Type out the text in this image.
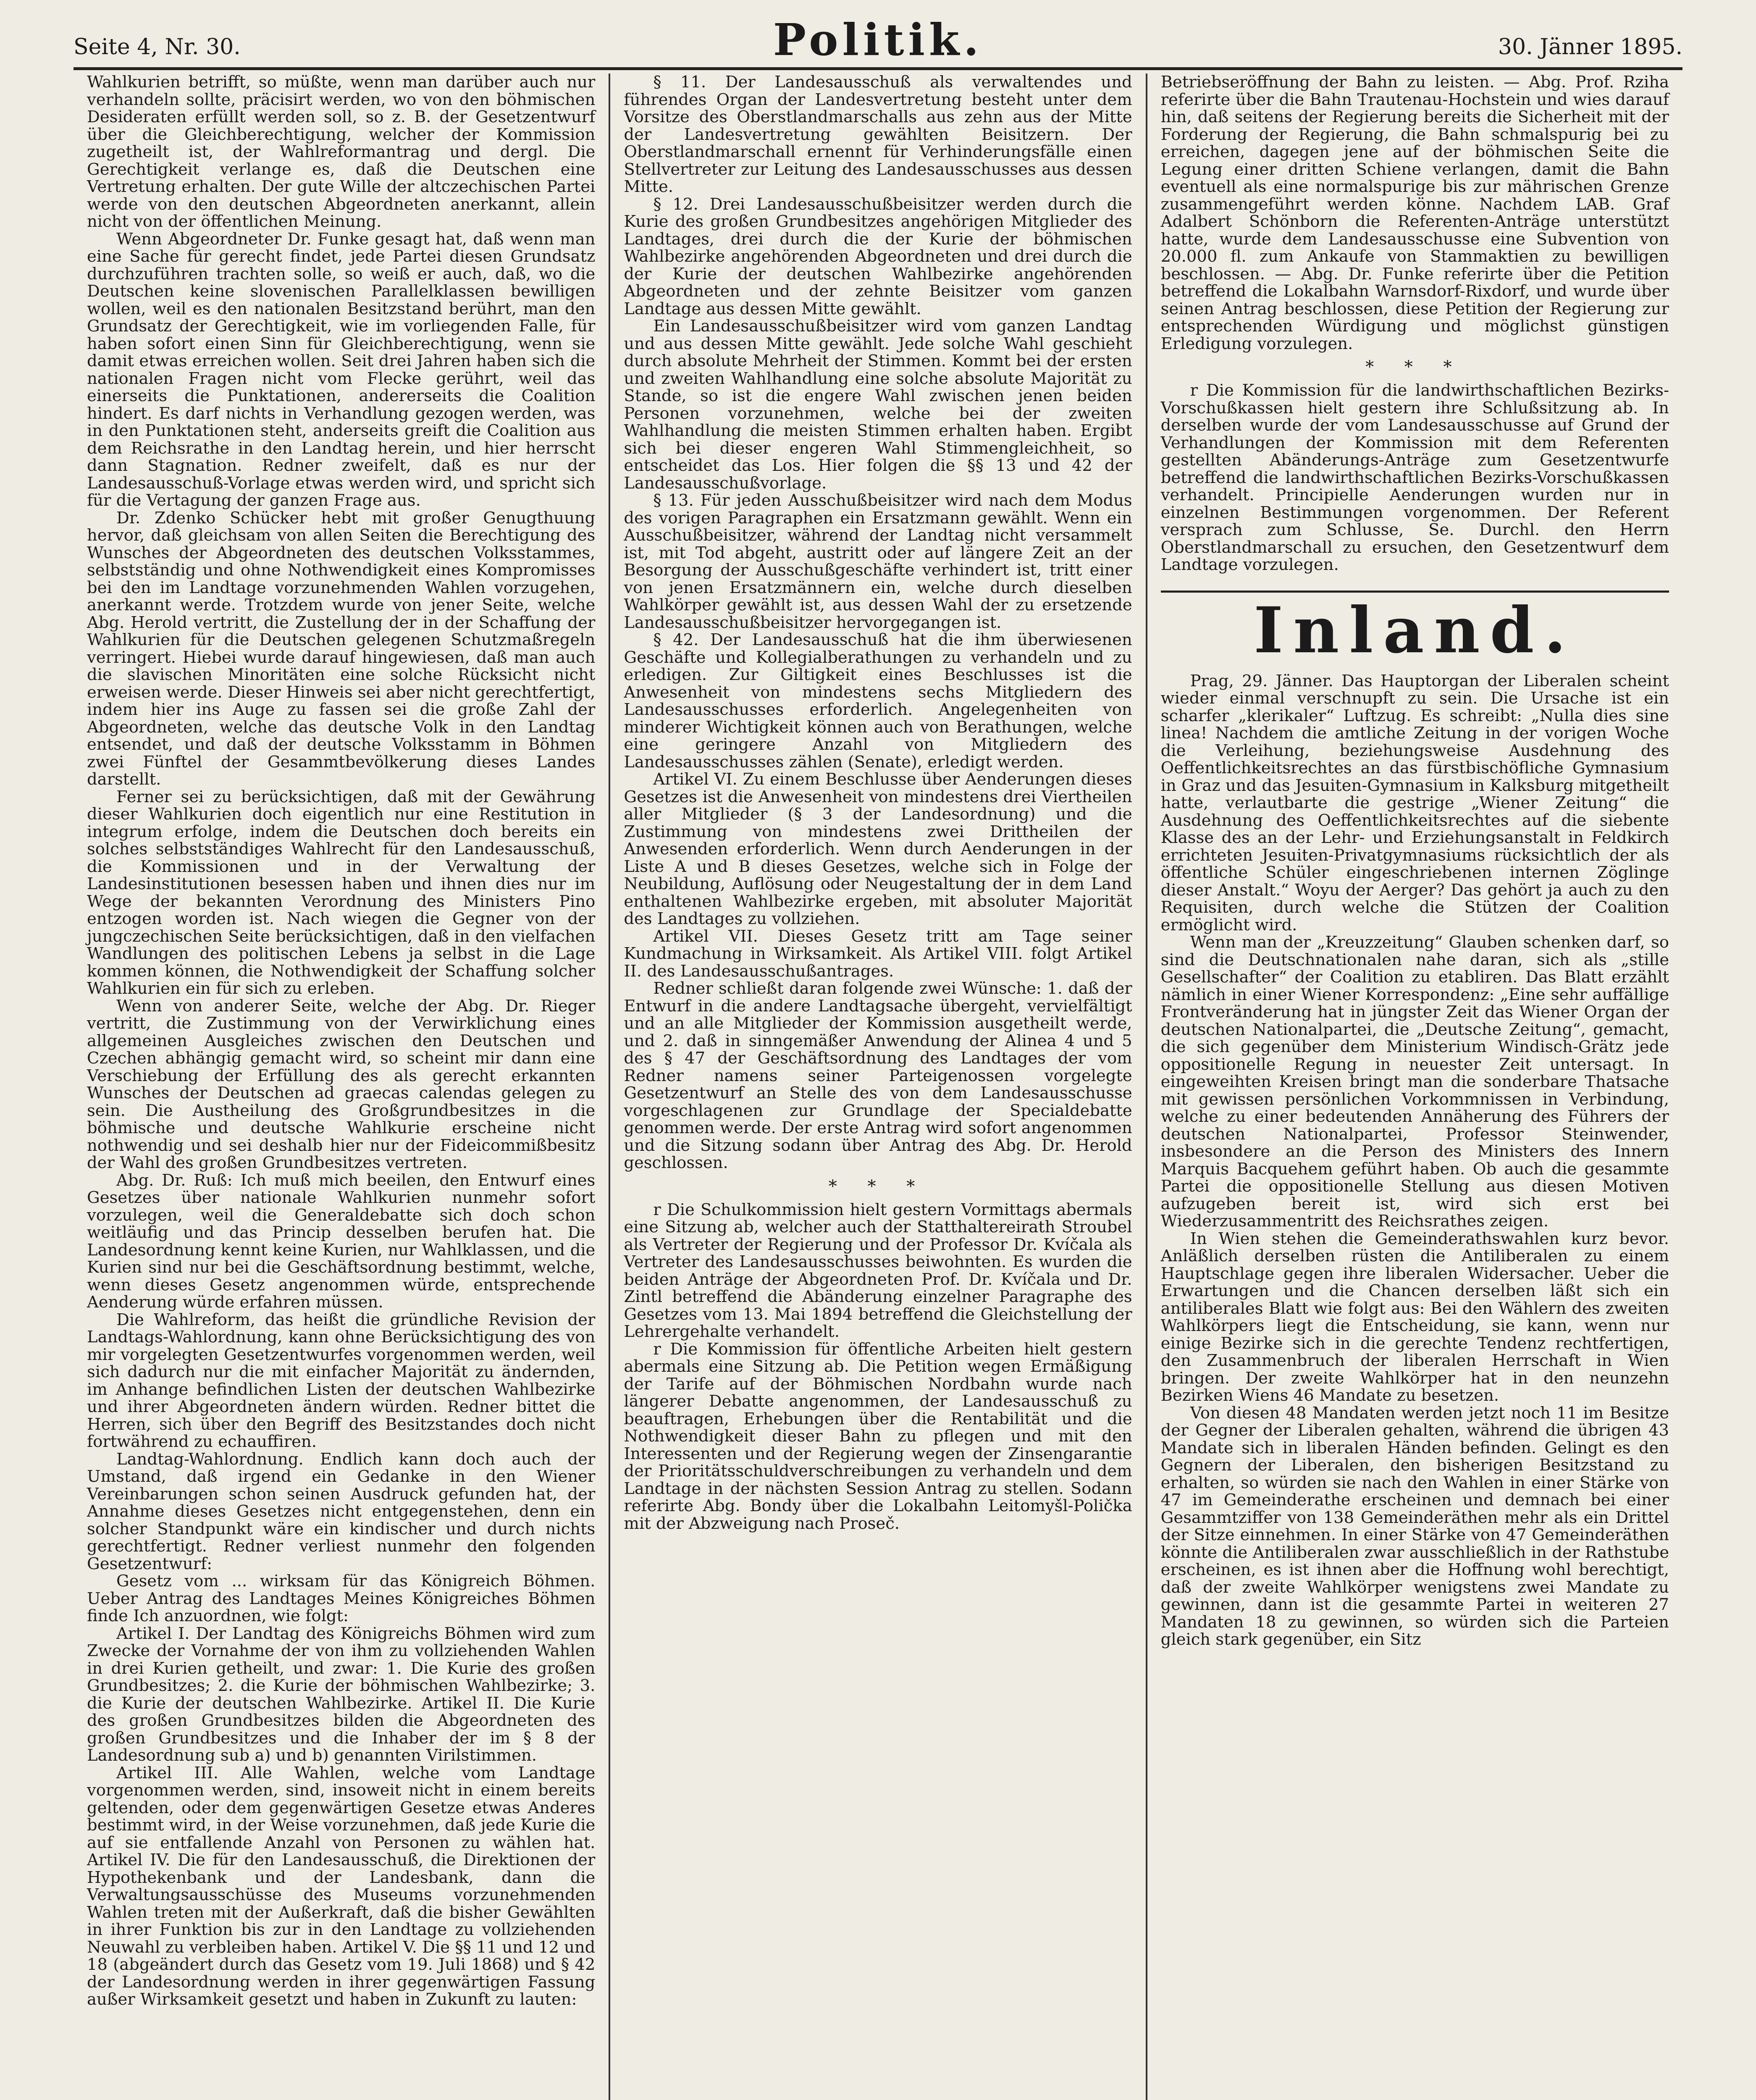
Seite 4, Nr. 30.	Politik.	30. Jänner 1895.

Wahlkurien betrifft, so müßte, wenn man darüber auch nur verhandeln sollte, präcisirt werden, wo von den böhmischen Desideraten erfüllt werden soll, so z. B. der Gesetzentwurf über die Gleichberechtigung, welcher der Kommission zugetheilt ist, der Wahlreformantrag und dergl. Die Gerechtigkeit verlange es, daß die Deutschen eine Vertretung erhalten. Der gute Wille der altczechischen Partei werde von den deutschen Abgeordneten anerkannt, allein nicht von der öffentlichen Meinung.

Wenn Abgeordneter Dr. Funke gesagt hat, daß wenn man eine Sache für gerecht findet, jede Partei diesen Grundsatz durchzuführen trachten solle, so weiß er auch, daß, wo die Deutschen keine slovenischen Parallelklassen bewilligen wollen, weil es den nationalen Besitzstand berührt, man den Grundsatz der Gerechtigkeit, wie im vorliegenden Falle, für haben sofort einen Sinn für Gleichberechtigung, wenn sie damit etwas erreichen wollen. Seit drei Jahren haben sich die nationalen Fragen nicht vom Flecke gerührt, weil das einerseits die Punktationen, andererseits die Coalition hindert. Es darf nichts in Verhandlung gezogen werden, was in den Punktationen steht, anderseits greift die Coalition aus dem Reichsrathe in den Landtag herein, und hier herrscht dann Stagnation. Redner zweifelt, daß es nur der Landesausschuß-Vorlage etwas werden wird, und spricht sich für die Vertagung der ganzen Frage aus.

Dr. Zdenko Schücker hebt mit großer Genugthuung hervor, daß gleichsam von allen Seiten die Berechtigung des Wunsches der Abgeordneten des deutschen Volksstammes, selbstständig und ohne Nothwendigkeit eines Kompromisses bei den im Landtage vorzunehmenden Wahlen vorzugehen, anerkannt werde. Trotzdem wurde von jener Seite, welche Abg. Herold vertritt, die Zustellung der in der Schaffung der Wahlkurien für die Deutschen gelegenen Schutzmaßregeln verringert. Hiebei wurde darauf hingewiesen, daß man auch die slavischen Minoritäten eine solche Rücksicht nicht erweisen werde. Dieser Hinweis sei aber nicht gerechtfertigt, indem hier ins Auge zu fassen sei die große Zahl der Abgeordneten, welche das deutsche Volk in den Landtag entsendet, und daß der deutsche Volksstamm in Böhmen zwei Fünftel der Gesammtbevölkerung dieses Landes darstellt.

Ferner sei zu berücksichtigen, daß mit der Gewährung dieser Wahlkurien doch eigentlich nur eine Restitution in integrum erfolge, indem die Deutschen doch bereits ein solches selbstständiges Wahlrecht für den Landesausschuß, die Kommissionen und in der Verwaltung der Landesinstitutionen besessen haben und ihnen dies nur im Wege der bekannten Verordnung des Ministers Pino entzogen worden ist. Nach wiegen die Gegner von der jungczechischen Seite berücksichtigen, daß in den vielfachen Wandlungen des politischen Lebens ja selbst in die Lage kommen können, die Nothwendigkeit der Schaffung solcher Wahlkurien ein für sich zu erleben.

Wenn von anderer Seite, welche der Abg. Dr. Rieger vertritt, die Zustimmung von der Verwirklichung eines allgemeinen Ausgleiches zwischen den Deutschen und Czechen abhängig gemacht wird, so scheint mir dann eine Verschiebung der Erfüllung des als gerecht erkannten Wunsches der Deutschen ad graecas calendas gelegen zu sein. Die Austheilung des Großgrundbesitzes in die böhmische und deutsche Wahlkurie erscheine nicht nothwendig und sei deshalb hier nur der Fideicommißbesitz der Wahl des großen Grundbesitzes vertreten.

Abg. Dr. Ruß: Ich muß mich beeilen, den Entwurf eines Gesetzes über nationale Wahlkurien nunmehr sofort vorzulegen, weil die Generaldebatte sich doch schon weitläufig und das Princip desselben berufen hat. Die Landesordnung kennt keine Kurien, nur Wahlklassen, und die Kurien sind nur bei die Geschäftsordnung bestimmt, welche, wenn dieses Gesetz angenommen würde, entsprechende Aenderung würde erfahren müssen.

Die Wahlreform, das heißt die gründliche Revision der Landtags-Wahlordnung, kann ohne Berücksichtigung des von mir vorgelegten Gesetzentwurfes vorgenommen werden, weil sich dadurch nur die mit einfacher Majorität zu ändernden, im Anhange befindlichen Listen der deutschen Wahlbezirke und ihrer Abgeordneten ändern würden. Redner bittet die Herren, sich über den Begriff des Besitzstandes doch nicht fortwährend zu echauffiren.

Landtag-Wahlordnung. Endlich kann doch auch der Umstand, daß irgend ein Gedanke in den Wiener Vereinbarungen schon seinen Ausdruck gefunden hat, der Annahme dieses Gesetzes nicht entgegenstehen, denn ein solcher Standpunkt wäre ein kindischer und durch nichts gerechtfertigt. Redner verliest nunmehr den folgenden Gesetzentwurf:

Gesetz vom ... wirksam für das Königreich Böhmen. Ueber Antrag des Landtages Meines Königreiches Böhmen finde Ich anzuordnen, wie folgt:

Artikel I. Der Landtag des Königreichs Böhmen wird zum Zwecke der Vornahme der von ihm zu vollziehenden Wahlen in drei Kurien getheilt, und zwar: 1. Die Kurie des großen Grundbesitzes; 2. die Kurie der böhmischen Wahlbezirke; 3. die Kurie der deutschen Wahlbezirke. Artikel II. Die Kurie des großen Grundbesitzes bilden die Abgeordneten des großen Grundbesitzes und die Inhaber der im § 8 der Landesordnung sub a) und b) genannten Virilstimmen.

Artikel III. Alle Wahlen, welche vom Landtage vorgenommen werden, sind, insoweit nicht in einem bereits geltenden, oder dem gegenwärtigen Gesetze etwas Anderes bestimmt wird, in der Weise vorzunehmen, daß jede Kurie die auf sie entfallende Anzahl von Personen zu wählen hat. Artikel IV. Die für den Landesausschuß, die Direktionen der Hypothekenbank und der Landesbank, dann die Verwaltungsausschüsse des Museums vorzunehmenden Wahlen treten mit der Außerkraft, daß die bisher Gewählten in ihrer Funktion bis zur in den Landtage zu vollziehenden Neuwahl zu verbleiben haben. Artikel V. Die §§ 11 und 12 und 18 (abgeändert durch das Gesetz vom 19. Juli 1868) und § 42 der Landesordnung werden in ihrer gegenwärtigen Fassung außer Wirksamkeit gesetzt und haben in Zukunft zu lauten:

§ 11. Der Landesausschuß als verwaltendes und führendes Organ der Landesvertretung besteht unter dem Vorsitze des Oberstlandmarschalls aus zehn aus der Mitte der Landesvertretung gewählten Beisitzern. Der Oberstlandmarschall ernennt für Verhinderungsfälle einen Stellvertreter zur Leitung des Landesausschusses aus dessen Mitte.

§ 12. Drei Landesausschußbeisitzer werden durch die Kurie des großen Grundbesitzes angehörigen Mitglieder des Landtages, drei durch die der Kurie der böhmischen Wahlbezirke angehörenden Abgeordneten und drei durch die der Kurie der deutschen Wahlbezirke angehörenden Abgeordneten und der zehnte Beisitzer vom ganzen Landtage aus dessen Mitte gewählt.

Ein Landesausschußbeisitzer wird vom ganzen Landtag und aus dessen Mitte gewählt. Jede solche Wahl geschieht durch absolute Mehrheit der Stimmen. Kommt bei der ersten und zweiten Wahlhandlung eine solche absolute Majorität zu Stande, so ist die engere Wahl zwischen jenen beiden Personen vorzunehmen, welche bei der zweiten Wahlhandlung die meisten Stimmen erhalten haben. Ergibt sich bei dieser engeren Wahl Stimmengleichheit, so entscheidet das Los. Hier folgen die §§ 13 und 42 der Landesausschußvorlage.

§ 13. Für jeden Ausschußbeisitzer wird nach dem Modus des vorigen Paragraphen ein Ersatzmann gewählt. Wenn ein Ausschußbeisitzer, während der Landtag nicht versammelt ist, mit Tod abgeht, austritt oder auf längere Zeit an der Besorgung der Ausschußgeschäfte verhindert ist, tritt einer von jenen Ersatzmännern ein, welche durch dieselben Wahlkörper gewählt ist, aus dessen Wahl der zu ersetzende Landesausschußbeisitzer hervorgegangen ist.

§ 42. Der Landesausschuß hat die ihm überwiesenen Geschäfte und Kollegialberathungen zu verhandeln und zu erledigen. Zur Giltigkeit eines Beschlusses ist die Anwesenheit von mindestens sechs Mitgliedern des Landesausschusses erforderlich. Angelegenheiten von minderer Wichtigkeit können auch von Berathungen, welche eine geringere Anzahl von Mitgliedern des Landesausschusses zählen (Senate), erledigt werden.

Artikel VI. Zu einem Beschlusse über Aenderungen dieses Gesetzes ist die Anwesenheit von mindestens drei Viertheilen aller Mitglieder (§ 3 der Landesordnung) und die Zustimmung von mindestens zwei Drittheilen der Anwesenden erforderlich. Wenn durch Aenderungen in der Liste A und B dieses Gesetzes, welche sich in Folge der Neubildung, Auflösung oder Neugestaltung der in dem Land enthaltenen Wahlbezirke ergeben, mit absoluter Majorität des Landtages zu vollziehen.

Artikel VII. Dieses Gesetz tritt am Tage seiner Kundmachung in Wirksamkeit. Als Artikel VIII. folgt Artikel II. des Landesausschußantrages.

Redner schließt daran folgende zwei Wünsche: 1. daß der Entwurf in die andere Landtagsache übergeht, vervielfältigt und an alle Mitglieder der Kommission ausgetheilt werde, und 2. daß in sinngemäßer Anwendung der Alinea 4 und 5 des § 47 der Geschäftsordnung des Landtages der vom Redner namens seiner Parteigenossen vorgelegte Gesetzentwurf an Stelle des von dem Landesausschusse vorgeschlagenen zur Grundlage der Specialdebatte genommen werde. Der erste Antrag wird sofort angenommen und die Sitzung sodann über Antrag des Abg. Dr. Herold geschlossen.

* * *

r Die Schulkommission hielt gestern Vormittags abermals eine Sitzung ab, welcher auch der Statthaltereirath Stroubel als Vertreter der Regierung und der Professor Dr. Kvíčala als Vertreter des Landesausschusses beiwohnten. Es wurden die beiden Anträge der Abgeordneten Prof. Dr. Kvíčala und Dr. Zintl betreffend die Abänderung einzelner Paragraphe des Gesetzes vom 13. Mai 1894 betreffend die Gleichstellung der Lehrergehalte verhandelt.

r Die Kommission für öffentliche Arbeiten hielt gestern abermals eine Sitzung ab. Die Petition wegen Ermäßigung der Tarife auf der Böhmischen Nordbahn wurde nach längerer Debatte angenommen, der Landesausschuß zu beauftragen, Erhebungen über die Rentabilität und die Nothwendigkeit dieser Bahn zu pflegen und mit den Interessenten und der Regierung wegen der Zinsengarantie der Prioritätsschuldverschreibungen zu verhandeln und dem Landtage in der nächsten Session Antrag zu stellen. Sodann referirte Abg. Bondy über die Lokalbahn Leitomyšl-Polička mit der Abzweigung nach Proseč.

Betriebseröffnung der Bahn zu leisten. — Abg. Prof. Rziha referirte über die Bahn Trautenau-Hochstein und wies darauf hin, daß seitens der Regierung bereits die Sicherheit mit der Forderung der Regierung, die Bahn schmalspurig bei zu erreichen, dagegen jene auf der böhmischen Seite die Legung einer dritten Schiene verlangen, damit die Bahn eventuell als eine normalspurige bis zur mährischen Grenze zusammengeführt werden könne. Nachdem LAB. Graf Adalbert Schönborn die Referenten-Anträge unterstützt hatte, wurde dem Landesausschusse eine Subvention von 20.000 fl. zum Ankaufe von Stammaktien zu bewilligen beschlossen. — Abg. Dr. Funke referirte über die Petition betreffend die Lokalbahn Warnsdorf-Rixdorf, und wurde über seinen Antrag beschlossen, diese Petition der Regierung zur entsprechenden Würdigung und möglichst günstigen Erledigung vorzulegen.

* * *

r Die Kommission für die landwirthschaftlichen Bezirks-Vorschußkassen hielt gestern ihre Schlußsitzung ab. In derselben wurde der vom Landesausschusse auf Grund der Verhandlungen der Kommission mit dem Referenten gestellten Abänderungs-Anträge zum Gesetzentwurfe betreffend die landwirthschaftlichen Bezirks-Vorschußkassen verhandelt. Principielle Aenderungen wurden nur in einzelnen Bestimmungen vorgenommen. Der Referent versprach zum Schlusse, Se. Durchl. den Herrn Oberstlandmarschall zu ersuchen, den Gesetzentwurf dem Landtage vorzulegen.

Inland.

Prag, 29. Jänner. Das Hauptorgan der Liberalen scheint wieder einmal verschnupft zu sein. Die Ursache ist ein scharfer „klerikaler“ Luftzug. Es schreibt: „Nulla dies sine linea! Nachdem die amtliche Zeitung in der vorigen Woche die Verleihung, beziehungsweise Ausdehnung des Oeffentlichkeitsrechtes an das fürstbischöfliche Gymnasium in Graz und das Jesuiten-Gymnasium in Kalksburg mitgetheilt hatte, verlautbarte die gestrige „Wiener Zeitung“ die Ausdehnung des Oeffentlichkeitsrechtes auf die siebente Klasse des an der Lehr- und Erziehungsanstalt in Feldkirch errichteten Jesuiten-Privatgymnasiums rücksichtlich der als öffentliche Schüler eingeschriebenen internen Zöglinge dieser Anstalt.“ Woyu der Aerger? Das gehört ja auch zu den Requisiten, durch welche die Stützen der Coalition ermöglicht wird.

Wenn man der „Kreuzzeitung“ Glauben schenken darf, so sind die Deutschnationalen nahe daran, sich als „stille Gesellschafter“ der Coalition zu etabliren. Das Blatt erzählt nämlich in einer Wiener Korrespondenz: „Eine sehr auffällige Frontveränderung hat in jüngster Zeit das Wiener Organ der deutschen Nationalpartei, die „Deutsche Zeitung“, gemacht, die sich gegenüber dem Ministerium Windisch-Grätz jede oppositionelle Regung in neuester Zeit untersagt. In eingeweihten Kreisen bringt man die sonderbare Thatsache mit gewissen persönlichen Vorkommnissen in Verbindung, welche zu einer bedeutenden Annäherung des Führers der deutschen Nationalpartei, Professor Steinwender, insbesondere an die Person des Ministers des Innern Marquis Bacquehem geführt haben. Ob auch die gesammte Partei die oppositionelle Stellung aus diesen Motiven aufzugeben bereit ist, wird sich erst bei Wiederzusammentritt des Reichsrathes zeigen.

In Wien stehen die Gemeinderathswahlen kurz bevor. Anläßlich derselben rüsten die Antiliberalen zu einem Hauptschlage gegen ihre liberalen Widersacher. Ueber die Erwartungen und die Chancen derselben läßt sich ein antiliberales Blatt wie folgt aus: Bei den Wählern des zweiten Wahlkörpers liegt die Entscheidung, sie kann, wenn nur einige Bezirke sich in die gerechte Tendenz rechtfertigen, den Zusammenbruch der liberalen Herrschaft in Wien bringen. Der zweite Wahlkörper hat in den neunzehn Bezirken Wiens 46 Mandate zu besetzen.

Von diesen 48 Mandaten werden jetzt noch 11 im Besitze der Gegner der Liberalen gehalten, während die übrigen 43 Mandate sich in liberalen Händen befinden. Gelingt es den Gegnern der Liberalen, den bisherigen Besitzstand zu erhalten, so würden sie nach den Wahlen in einer Stärke von 47 im Gemeinderathe erscheinen und demnach bei einer Gesammtziffer von 138 Gemeinderäthen mehr als ein Drittel der Sitze einnehmen. In einer Stärke von 47 Gemeinderäthen könnte die Antiliberalen zwar ausschließlich in der Rathstube erscheinen, es ist ihnen aber die Hoffnung wohl berechtigt, daß der zweite Wahlkörper wenigstens zwei Mandate zu gewinnen, dann ist die gesammte Partei in weiteren 27 Mandaten 18 zu gewinnen, so würden sich die Parteien gleich stark gegenüber, ein Sitz
